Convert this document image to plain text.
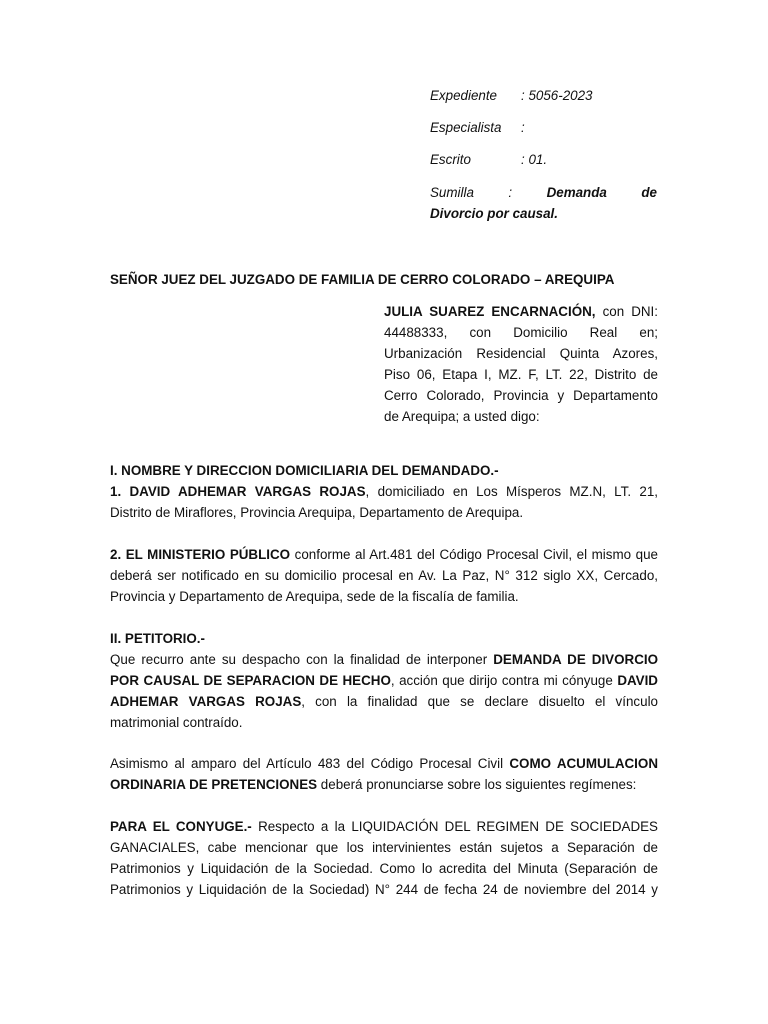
Expediente	: 5056-2023
Especialista	:
Escrito	: 01.
Sumilla	:	Demanda	de
Divorcio por causal.
SEÑOR JUEZ DEL JUZGADO DE FAMILIA DE CERRO COLORADO – AREQUIPA
JULIA SUAREZ ENCARNACIÓN, con DNI:
44488333, con Domicilio Real en;
Urbanización Residencial Quinta Azores,
Piso 06, Etapa I, MZ. F, LT. 22, Distrito de
Cerro Colorado, Provincia y Departamento
de Arequipa; a usted digo:
I. NOMBRE Y DIRECCION DOMICILIARIA DEL DEMANDADO.-
1. DAVID ADHEMAR VARGAS ROJAS, domiciliado en Los Mísperos MZ.N, LT. 21,
Distrito de Miraflores, Provincia Arequipa, Departamento de Arequipa.
2. EL MINISTERIO PÚBLICO conforme al Art.481 del Código Procesal Civil, el mismo que
deberá ser notificado en su domicilio procesal en Av. La Paz, N° 312 siglo XX, Cercado,
Provincia y Departamento de Arequipa, sede de la fiscalía de familia.
II. PETITORIO.-
Que recurro ante su despacho con la finalidad de interponer DEMANDA DE DIVORCIO
POR CAUSAL DE SEPARACION DE HECHO, acción que dirijo contra mi cónyuge DAVID
ADHEMAR VARGAS ROJAS, con la finalidad que se declare disuelto el vínculo
matrimonial contraído.
Asimismo al amparo del Artículo 483 del Código Procesal Civil COMO ACUMULACION
ORDINARIA DE PRETENCIONES deberá pronunciarse sobre los siguientes regímenes:
PARA EL CONYUGE.- Respecto a la LIQUIDACIÓN DEL REGIMEN DE SOCIEDADES
GANACIALES, cabe mencionar que los intervinientes están sujetos a Separación de
Patrimonios y Liquidación de la Sociedad. Como lo acredita del Minuta (Separación de
Patrimonios y Liquidación de la Sociedad) N° 244 de fecha 24 de noviembre del 2014 y
